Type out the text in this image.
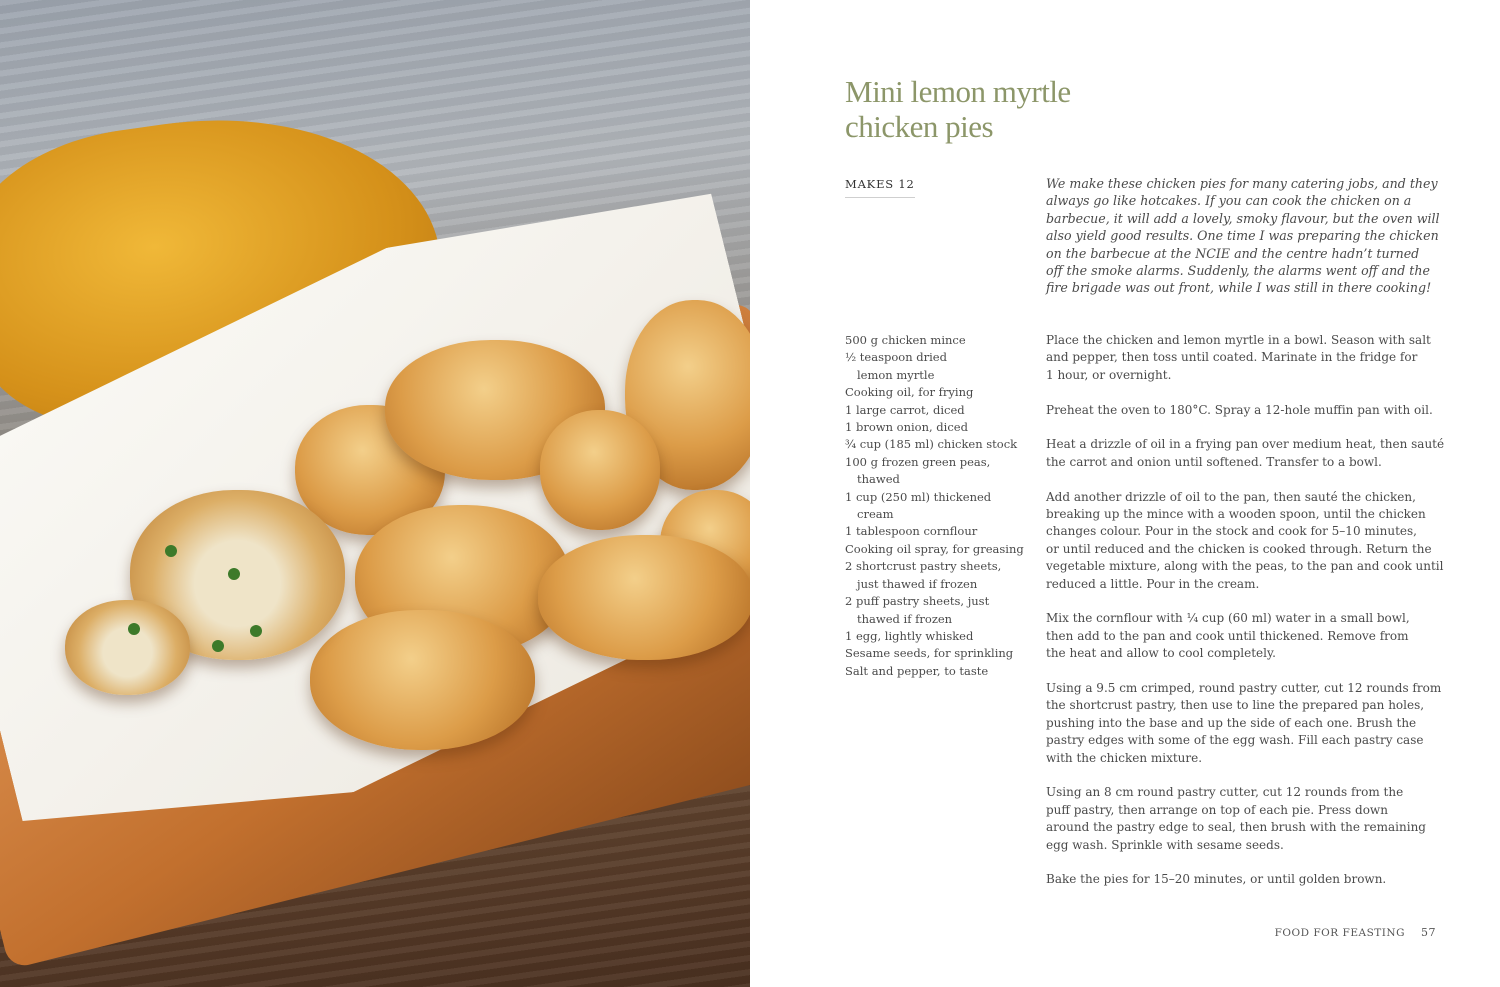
Mini lemon myrtle
chicken pies
MAKES 12	We make these chicken pies for many catering jobs, and they
always go like hotcakes. If you can cook the chicken on a
barbecue, it will add a lovely, smoky flavour, but the oven will
also yield good results. One time I was preparing the chicken
on the barbecue at the NCIE and the centre hadn’t turned
off the smoke alarms. Suddenly, the alarms went off and the
fire brigade was out front, while I was still in there cooking!
500 g chicken mince
½ teaspoon dried
lemon myrtle
Cooking oil, for frying
1 large carrot, diced
1 brown onion, diced
¾ cup (185 ml) chicken stock
100 g frozen green peas,
thawed
1 cup (250 ml) thickened
cream
1 tablespoon cornflour
Cooking oil spray, for greasing
2 shortcrust pastry sheets,
just thawed if frozen
2 puff pastry sheets, just
thawed if frozen
1 egg, lightly whisked
Sesame seeds, for sprinkling
Salt and pepper, to taste

Place the chicken and lemon myrtle in a bowl. Season with salt
and pepper, then toss until coated. Marinate in the fridge for
1 hour, or overnight.

Preheat the oven to 180°C. Spray a 12-hole muffin pan with oil.

Heat a drizzle of oil in a frying pan over medium heat, then sauté
the carrot and onion until softened. Transfer to a bowl.

Add another drizzle of oil to the pan, then sauté the chicken,
breaking up the mince with a wooden spoon, until the chicken
changes colour. Pour in the stock and cook for 5–10 minutes,
or until reduced and the chicken is cooked through. Return the
vegetable mixture, along with the peas, to the pan and cook until
reduced a little. Pour in the cream.

Mix the cornflour with ¼ cup (60 ml) water in a small bowl,
then add to the pan and cook until thickened. Remove from
the heat and allow to cool completely.

Using a 9.5 cm crimped, round pastry cutter, cut 12 rounds from
the shortcrust pastry, then use to line the prepared pan holes,
pushing into the base and up the side of each one. Brush the
pastry edges with some of the egg wash. Fill each pastry case
with the chicken mixture.

Using an 8 cm round pastry cutter, cut 12 rounds from the
puff pastry, then arrange on top of each pie. Press down
around the pastry edge to seal, then brush with the remaining
egg wash. Sprinkle with sesame seeds.

Bake the pies for 15–20 minutes, or until golden brown.

FOOD FOR FEASTING 57
